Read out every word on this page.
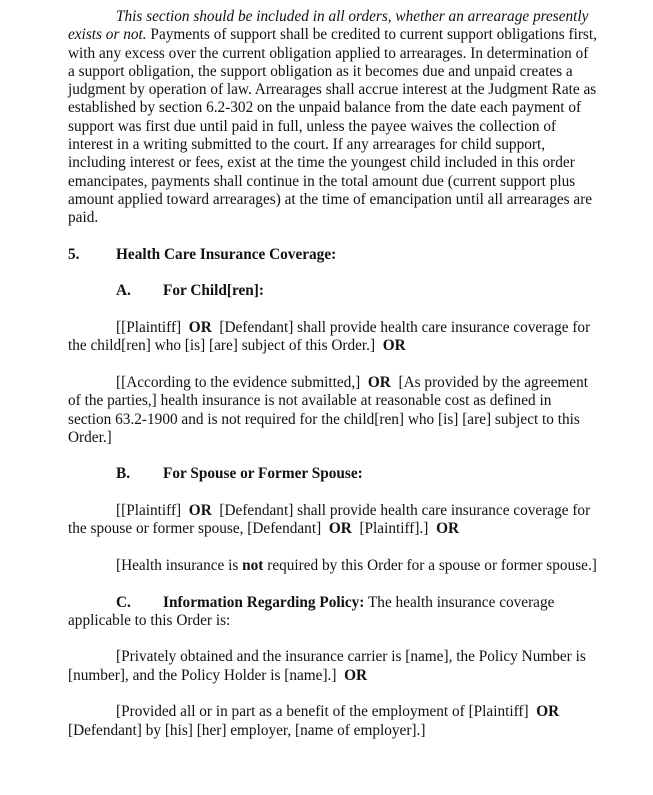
This section should be included in all orders, whether an arrearage presently exists or not. Payments of support shall be credited to current support obligations first, with any excess over the current obligation applied to arrearages. In determination of a support obligation, the support obligation as it becomes due and unpaid creates a judgment by operation of law. Arrearages shall accrue interest at the Judgment Rate as established by section 6.2-302 on the unpaid balance from the date each payment of support was first due until paid in full, unless the payee waives the collection of interest in a writing submitted to the court. If any arrearages for child support, including interest or fees, exist at the time the youngest child included in this order emancipates, payments shall continue in the total amount due (current support plus amount applied toward arrearages) at the time of emancipation until all arrearages are paid.

5. Health Care Insurance Coverage:

A. For Child[ren]:

[[Plaintiff] OR [Defendant] shall provide health care insurance coverage for the child[ren] who [is] [are] subject of this Order.] OR

[[According to the evidence submitted,] OR [As provided by the agreement of the parties,] health insurance is not available at reasonable cost as defined in section 63.2-1900 and is not required for the child[ren] who [is] [are] subject to this Order.]

B. For Spouse or Former Spouse:

[[Plaintiff] OR [Defendant] shall provide health care insurance coverage for the spouse or former spouse, [Defendant] OR [Plaintiff].] OR

[Health insurance is not required by this Order for a spouse or former spouse.]

C. Information Regarding Policy: The health insurance coverage applicable to this Order is:

[Privately obtained and the insurance carrier is [name], the Policy Number is [number], and the Policy Holder is [name].] OR

[Provided all or in part as a benefit of the employment of [Plaintiff] OR
[Defendant] by [his] [her] employer, [name of employer].]
